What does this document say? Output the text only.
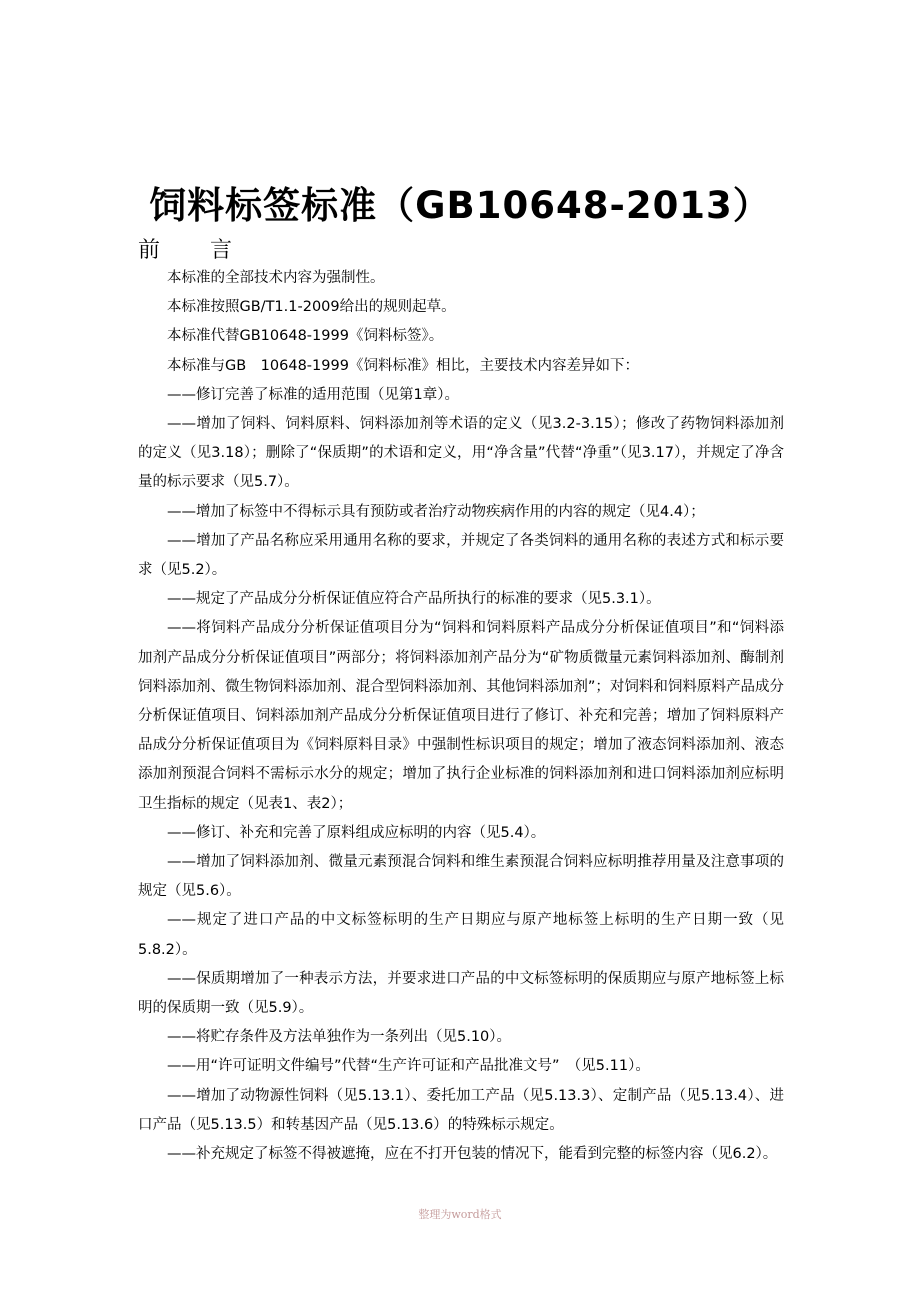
饲料标签标准（GB10648-2013）
前　言

本标准的全部技术内容为强制性。

本标准按照GB/T1.1-2009给出的规则起草。

本标准代替GB10648-1999《饲料标签》。

本标准与GB　10648-1999《饲料标准》相比，主要技术内容差异如下：

——修订完善了标准的适用范围（见第1章）。

——增加了饲料、饲料原料、饲料添加剂等术语的定义（见3.2-3.15）；修改了药物饲料添加剂的定义（见3.18）；删除了“保质期”的术语和定义，用“净含量”代替“净重”（见3.17），并规定了净含量的标示要求（见5.7）。

——增加了标签中不得标示具有预防或者治疗动物疾病作用的内容的规定（见4.4）；

——增加了产品名称应采用通用名称的要求，并规定了各类饲料的通用名称的表述方式和标示要求（见5.2）。

——规定了产品成分分析保证值应符合产品所执行的标准的要求（见5.3.1）。

——将饲料产品成分分析保证值项目分为“饲料和饲料原料产品成分分析保证值项目”和“饲料添加剂产品成分分析保证值项目”两部分；将饲料添加剂产品分为“矿物质微量元素饲料添加剂、酶制剂饲料添加剂、微生物饲料添加剂、混合型饲料添加剂、其他饲料添加剂”；对饲料和饲料原料产品成分分析保证值项目、饲料添加剂产品成分分析保证值项目进行了修订、补充和完善；增加了饲料原料产品成分分析保证值项目为《饲料原料目录》中强制性标识项目的规定；增加了液态饲料添加剂、液态添加剂预混合饲料不需标示水分的规定；增加了执行企业标准的饲料添加剂和进口饲料添加剂应标明卫生指标的规定（见表1、表2）；

——修订、补充和完善了原料组成应标明的内容（见5.4）。

——增加了饲料添加剂、微量元素预混合饲料和维生素预混合饲料应标明推荐用量及注意事项的规定（见5.6）。

——规定了进口产品的中文标签标明的生产日期应与原产地标签上标明的生产日期一致（见5.8.2）。

——保质期增加了一种表示方法，并要求进口产品的中文标签标明的保质期应与原产地标签上标明的保质期一致（见5.9）。

——将贮存条件及方法单独作为一条列出（见5.10）。

——用“许可证明文件编号”代替“生产许可证和产品批准文号”　（见5.11）。

——增加了动物源性饲料（见5.13.1）、委托加工产品（见5.13.3）、定制产品（见5.13.4）、进口产品（见5.13.5）和转基因产品（见5.13.6）的特殊标示规定。

——补充规定了标签不得被遮掩，应在不打开包装的情况下，能看到完整的标签内容（见6.2）。

整理为word格式
